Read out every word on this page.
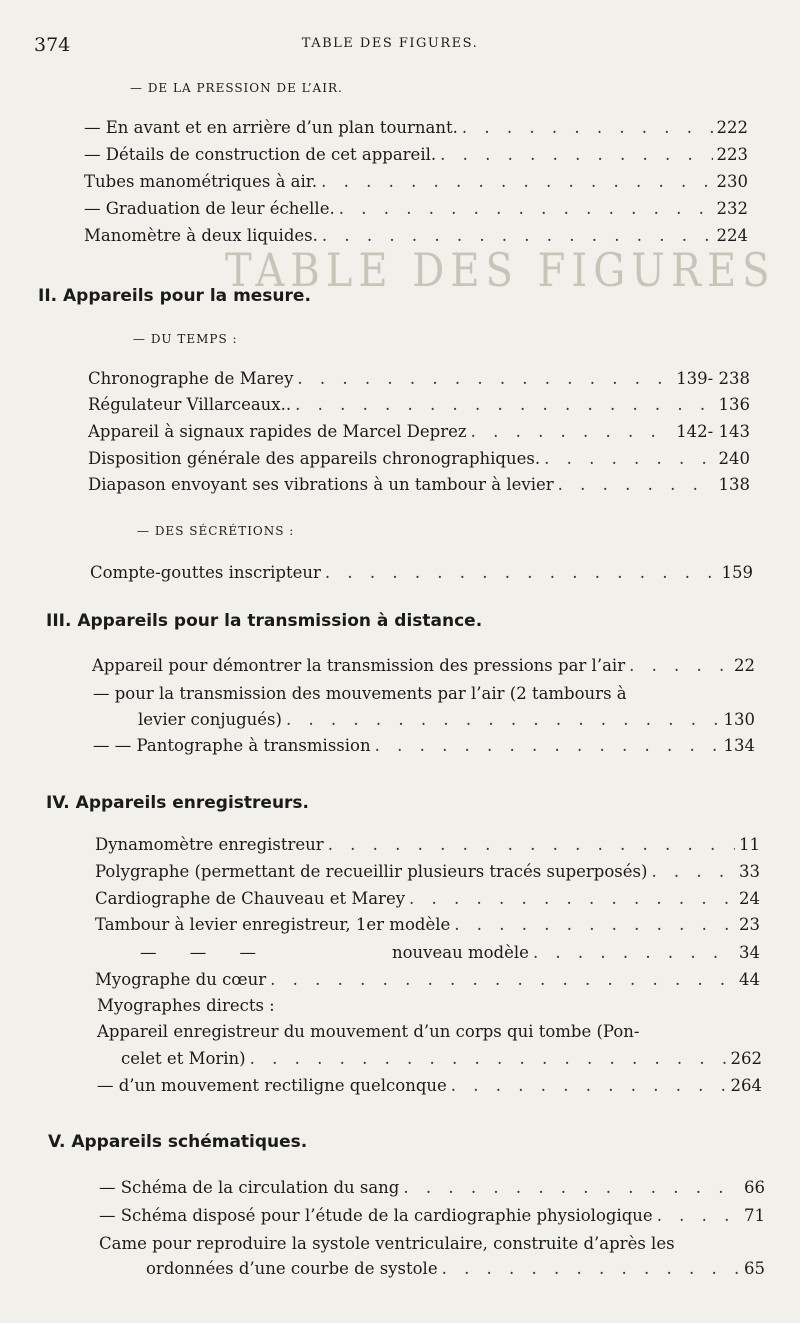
TABLE DES FIGURES
374	TABLE DES FIGURES.
— DE LA PRESSION DE L’AIR.
— En avant et en arrière d’un plan tournant. . . .	222
— Détails de construction de cet appareil. . . .	223
Tubes manométriques à air. . . .	230
— Graduation de leur échelle. . . .	232
Manomètre à deux liquides. . . .	224
II. Appareils pour la mesure.
— DU TEMPS :
Chronographe de Marey . . .	139- 238
Régulateur Villarceaux.. . . .	136
Appareil à signaux rapides de Marcel Deprez . . .	142- 143
Disposition générale des appareils chronographiques. . . .	240
Diapason envoyant ses vibrations à un tambour à levier . . .	138
— DES SÉCRÉTIONS :
Compte-gouttes inscripteur . . .	159
III. Appareils pour la transmission à distance.
Appareil pour démontrer la transmission des pressions par l’air . . .	22
— pour la transmission des mouvements par l’air (2 tambours à
levier conjugués) . . .	130
— — Pantographe à transmission . . .	134
IV. Appareils enregistreurs.
Dynamomètre enregistreur . . .	11
Polygraphe (permettant de recueillir plusieurs tracés superposés) . . .	33
Cardiographe de Chauveau et Marey . . .	24
Tambour à levier enregistreur, 1er modèle . . .	23
— — —	nouveau modèle . . .	34
Myographe du cœur . . .	44
Myographes directs :
Appareil enregistreur du mouvement d’un corps qui tombe (Pon-
celet et Morin) . . .	262
— d’un mouvement rectiligne quelconque . . .	264
V. Appareils schématiques.
— Schéma de la circulation du sang . . .	66
— Schéma disposé pour l’étude de la cardiographie physiologique . . .	71
Came pour reproduire la systole ventriculaire, construite d’après les
ordonnées d’une courbe de systole . . .	65
